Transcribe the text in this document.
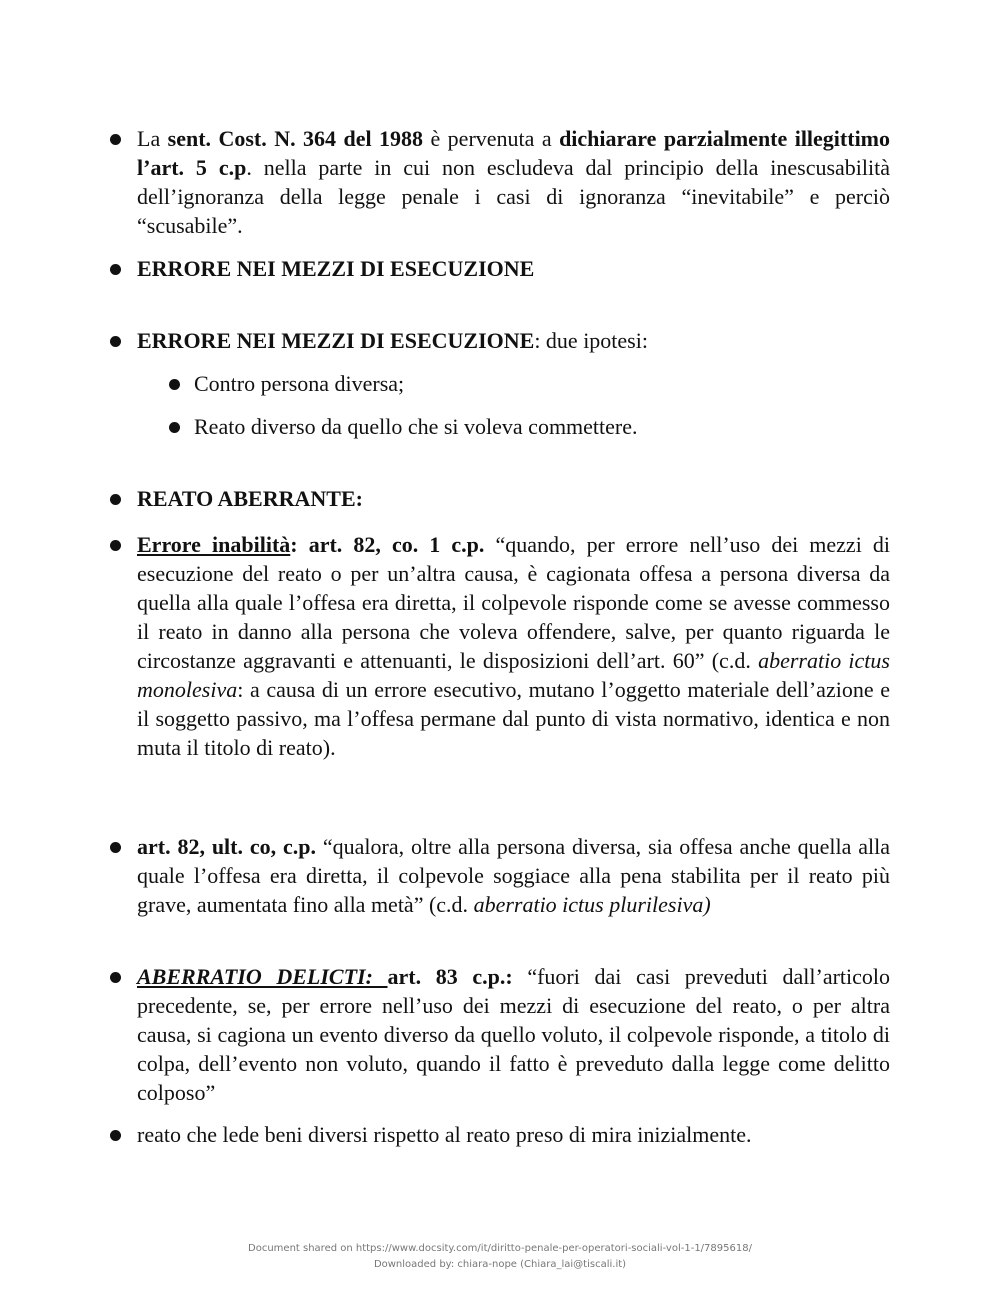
La sent. Cost. N. 364 del 1988 è pervenuta a dichiarare parzialmente illegittimo l’art. 5 c.p. nella parte in cui non escludeva dal principio della inescusabilità dell’ignoranza della legge penale i casi di ignoranza “inevitabile” e perciò “scusabile”.
ERRORE NEI MEZZI DI ESECUZIONE
ERRORE NEI MEZZI DI ESECUZIONE: due ipotesi:
Contro persona diversa;
Reato diverso da quello che si voleva commettere.
REATO ABERRANTE:
Errore inabilità: art. 82, co. 1 c.p. “quando, per errore nell’uso dei mezzi di esecuzione del reato o per un’altra causa, è cagionata offesa a persona diversa da quella alla quale l’offesa era diretta, il colpevole risponde come se avesse commesso il reato in danno alla persona che voleva offendere, salve, per quanto riguarda le circostanze aggravanti e attenuanti, le disposizioni dell’art. 60” (c.d. aberratio ictus monolesiva: a causa di un errore esecutivo, mutano l’oggetto materiale dell’azione e il soggetto passivo, ma l’offesa permane dal punto di vista normativo, identica e non muta il titolo di reato).
art. 82, ult. co, c.p. “qualora, oltre alla persona diversa, sia offesa anche quella alla quale l’offesa era diretta, il colpevole soggiace alla pena stabilita per il reato più grave, aumentata fino alla metà” (c.d. aberratio ictus plurilesiva)
ABERRATIO DELICTI: art. 83 c.p.: “fuori dai casi preveduti dall’articolo precedente, se, per errore nell’uso dei mezzi di esecuzione del reato, o per altra causa, si cagiona un evento diverso da quello voluto, il colpevole risponde, a titolo di colpa, dell’evento non voluto, quando il fatto è preveduto dalla legge come delitto colposo”
reato che lede beni diversi rispetto al reato preso di mira inizialmente.
Document shared on https://www.docsity.com/it/diritto-penale-per-operatori-sociali-vol-1-1/7895618/
Downloaded by: chiara-nope (Chiara_lai@tiscali.it)
